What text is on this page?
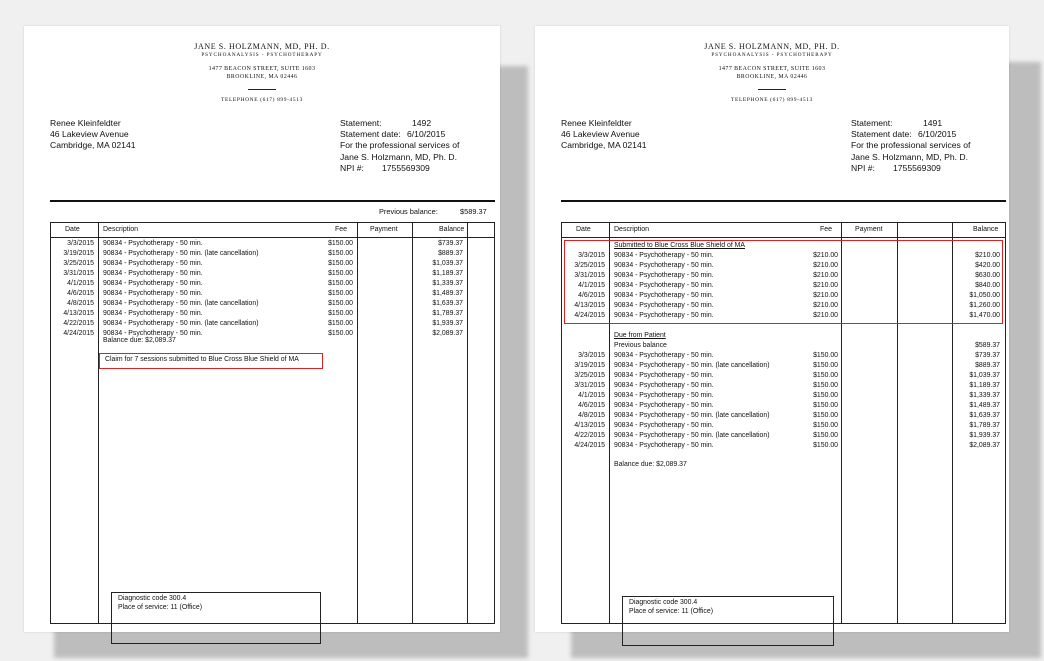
JANE S. HOLZMANN, MD, PH. D.
PSYCHOANALYSIS - PSYCHOTHERAPY
1477 BEACON STREET, SUITE 1603
BROOKLINE, MA 02446
TELEPHONE (617) 899-4513
Renee Kleinfeldter
46 Lakeview Avenue
Cambridge, MA 02141
Statement:	1492
Statement date: 6/10/2015
For the professional services of
Jane S. Holzmann, MD, Ph. D.
NPI #: 1755569309
Previous balance:	$589.37
Date	Description	Fee	Payment	Balance
3/3/2015 90834 - Psychotherapy - 50 min.	$150.00	$739.37
3/19/2015 90834 - Psychotherapy - 50 min. (late cancellation)	$150.00	$889.37
3/25/2015 90834 - Psychotherapy - 50 min.	$150.00	$1,039.37
3/31/2015 90834 - Psychotherapy - 50 min.	$150.00	$1,189.37
4/1/2015 90834 - Psychotherapy - 50 min.	$150.00	$1,339.37
4/6/2015 90834 - Psychotherapy - 50 min.	$150.00	$1,489.37
4/8/2015 90834 - Psychotherapy - 50 min. (late cancellation)	$150.00	$1,639.37
4/13/2015 90834 - Psychotherapy - 50 min.	$150.00	$1,789.37
4/22/2015 90834 - Psychotherapy - 50 min. (late cancellation)	$150.00	$1,939.37
4/24/2015 90834 - Psychotherapy - 50 min.	$150.00	$2,089.37
Balance due: $2,089.37
Claim for 7 sessions submitted to Blue Cross Blue Shield of MA
Diagnostic code 300.4
Place of service: 11 (Office)
JANE S. HOLZMANN, MD, PH. D.
PSYCHOANALYSIS - PSYCHOTHERAPY
1477 BEACON STREET, SUITE 1603
BROOKLINE, MA 02446
TELEPHONE (617) 899-4513
Renee Kleinfeldter
46 Lakeview Avenue
Cambridge, MA 02141
Statement:	1491
Statement date: 6/10/2015
For the professional services of
Jane S. Holzmann, MD, Ph. D.
NPI #: 1755569309
Date	Description	Fee	Payment	Balance
Submitted to Blue Cross Blue Shield of MA
3/3/2015 90834 - Psychotherapy - 50 min.	$210.00	$210.00
3/25/2015 90834 - Psychotherapy - 50 min.	$210.00	$420.00
3/31/2015 90834 - Psychotherapy - 50 min.	$210.00	$630.00
4/1/2015 90834 - Psychotherapy - 50 min.	$210.00	$840.00
4/6/2015 90834 - Psychotherapy - 50 min.	$210.00	$1,050.00
4/13/2015 90834 - Psychotherapy - 50 min.	$210.00	$1,260.00
4/24/2015 90834 - Psychotherapy - 50 min.	$210.00	$1,470.00
Due from Patient
Previous balance	$589.37
3/3/2015 90834 - Psychotherapy - 50 min.	$150.00	$739.37
3/19/2015 90834 - Psychotherapy - 50 min. (late cancellation)	$150.00	$889.37
3/25/2015 90834 - Psychotherapy - 50 min.	$150.00	$1,039.37
3/31/2015 90834 - Psychotherapy - 50 min.	$150.00	$1,189.37
4/1/2015 90834 - Psychotherapy - 50 min.	$150.00	$1,339.37
4/6/2015 90834 - Psychotherapy - 50 min.	$150.00	$1,489.37
4/8/2015 90834 - Psychotherapy - 50 min. (late cancellation)	$150.00	$1,639.37
4/13/2015 90834 - Psychotherapy - 50 min.	$150.00	$1,789.37
4/22/2015 90834 - Psychotherapy - 50 min. (late cancellation)	$150.00	$1,939.37
4/24/2015 90834 - Psychotherapy - 50 min.	$150.00	$2,089.37
Balance due: $2,089.37
Diagnostic code 300.4
Place of service: 11 (Office)
